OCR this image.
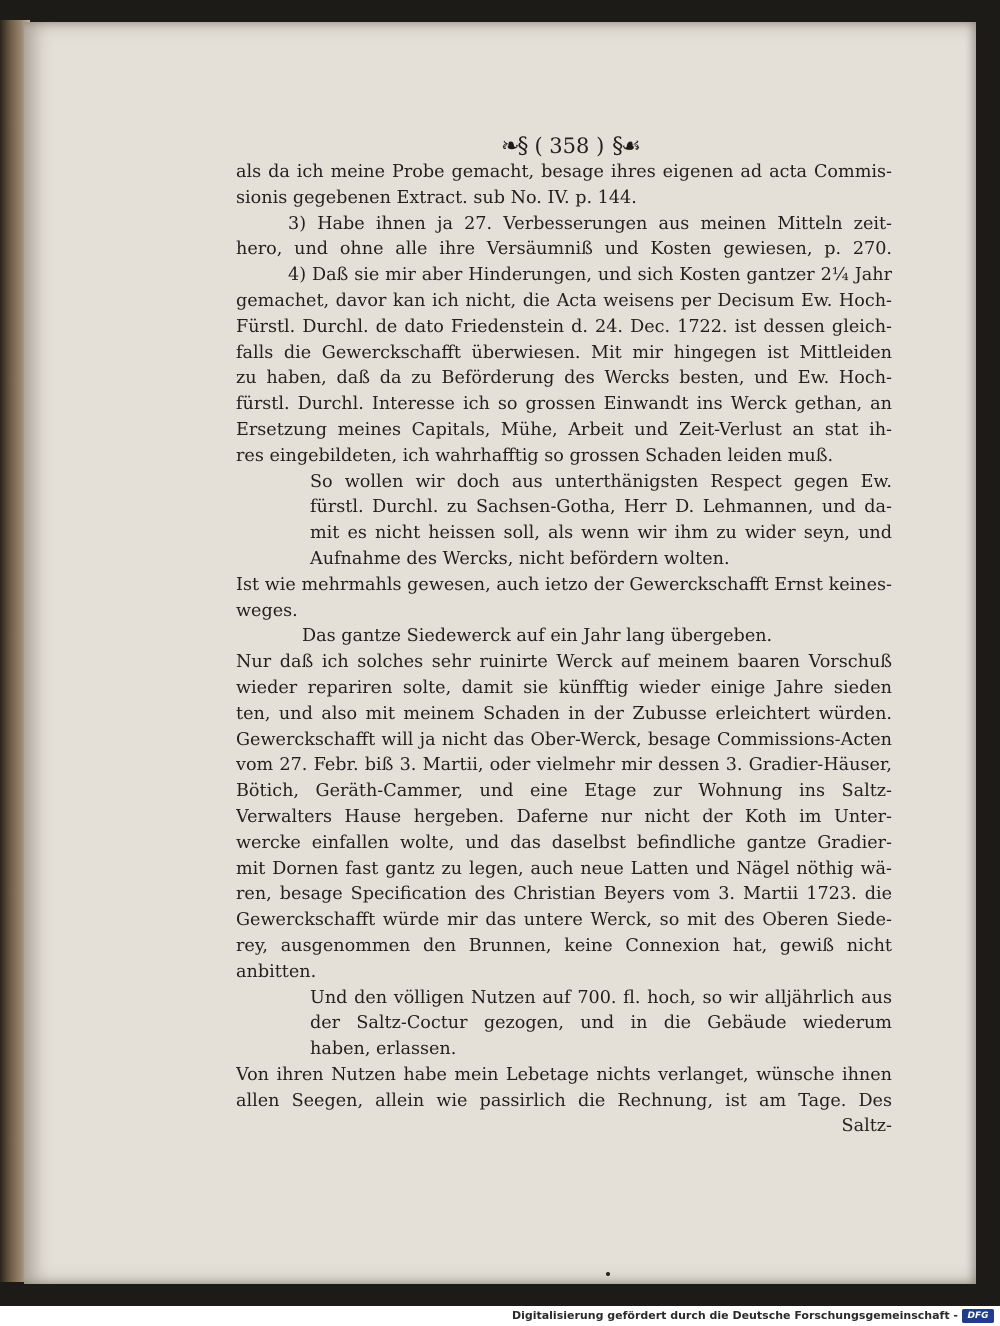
❧§ ( 358 ) §☙
als da ich meine Probe gemacht, besage ihres eigenen ad acta Commis-
sionis gegebenen Extract. sub No. IV. p. 144.
3) Habe ihnen ja 27. Verbesserungen aus meinen Mitteln zeit-
hero, und ohne alle ihre Versäumniß und Kosten gewiesen, p. 270.
4) Daß sie mir aber Hinderungen, und sich Kosten gantzer 2¼ Jahr
gemachet, davor kan ich nicht, die Acta weisens per Decisum Ew. Hoch-
Fürstl. Durchl. de dato Friedenstein d. 24. Dec. 1722. ist dessen gleich-
falls die Gewerckschafft überwiesen. Mit mir hingegen ist Mittleiden
zu haben, daß da zu Beförderung des Wercks besten, und Ew. Hoch-
fürstl. Durchl. Interesse ich so grossen Einwandt ins Werck gethan, an
Ersetzung meines Capitals, Mühe, Arbeit und Zeit-Verlust an stat ih-
res eingebildeten, ich wahrhafftig so grossen Schaden leiden muß.
So wollen wir doch aus unterthänigsten Respect gegen Ew.
fürstl. Durchl. zu Sachsen-Gotha, Herr D. Lehmannen, und da-
mit es nicht heissen soll, als wenn wir ihm zu wider seyn, und
Aufnahme des Wercks, nicht befördern wolten.
Ist wie mehrmahls gewesen, auch ietzo der Gewerckschafft Ernst keines-
weges.
Das gantze Siedewerck auf ein Jahr lang übergeben.
Nur daß ich solches sehr ruinirte Werck auf meinem baaren Vorschuß
wieder repariren solte, damit sie künfftig wieder einige Jahre sieden
ten, und also mit meinem Schaden in der Zubusse erleichtert würden.
Gewerckschafft will ja nicht das Ober-Werck, besage Commissions-Acten
vom 27. Febr. biß 3. Martii, oder vielmehr mir dessen 3. Gradier-Häuser,
Bötich, Geräth-Cammer, und eine Etage zur Wohnung ins Saltz-
Verwalters Hause hergeben. Daferne nur nicht der Koth im Unter-
wercke einfallen wolte, und das daselbst befindliche gantze Gradier-
mit Dornen fast gantz zu legen, auch neue Latten und Nägel nöthig wä-
ren, besage Specification des Christian Beyers vom 3. Martii 1723. die
Gewerckschafft würde mir das untere Werck, so mit des Oberen Siede-
rey, ausgenommen den Brunnen, keine Connexion hat, gewiß nicht
anbitten.
Und den völligen Nutzen auf 700. fl. hoch, so wir alljährlich aus
der Saltz-Coctur gezogen, und in die Gebäude wiederum
haben, erlassen.
Von ihren Nutzen habe mein Lebetage nichts verlanget, wünsche ihnen
allen Seegen, allein wie passirlich die Rechnung, ist am Tage. Des
Saltz-
Digitalisierung gefördert durch die Deutsche Forschungsgemeinschaft -	DFG
